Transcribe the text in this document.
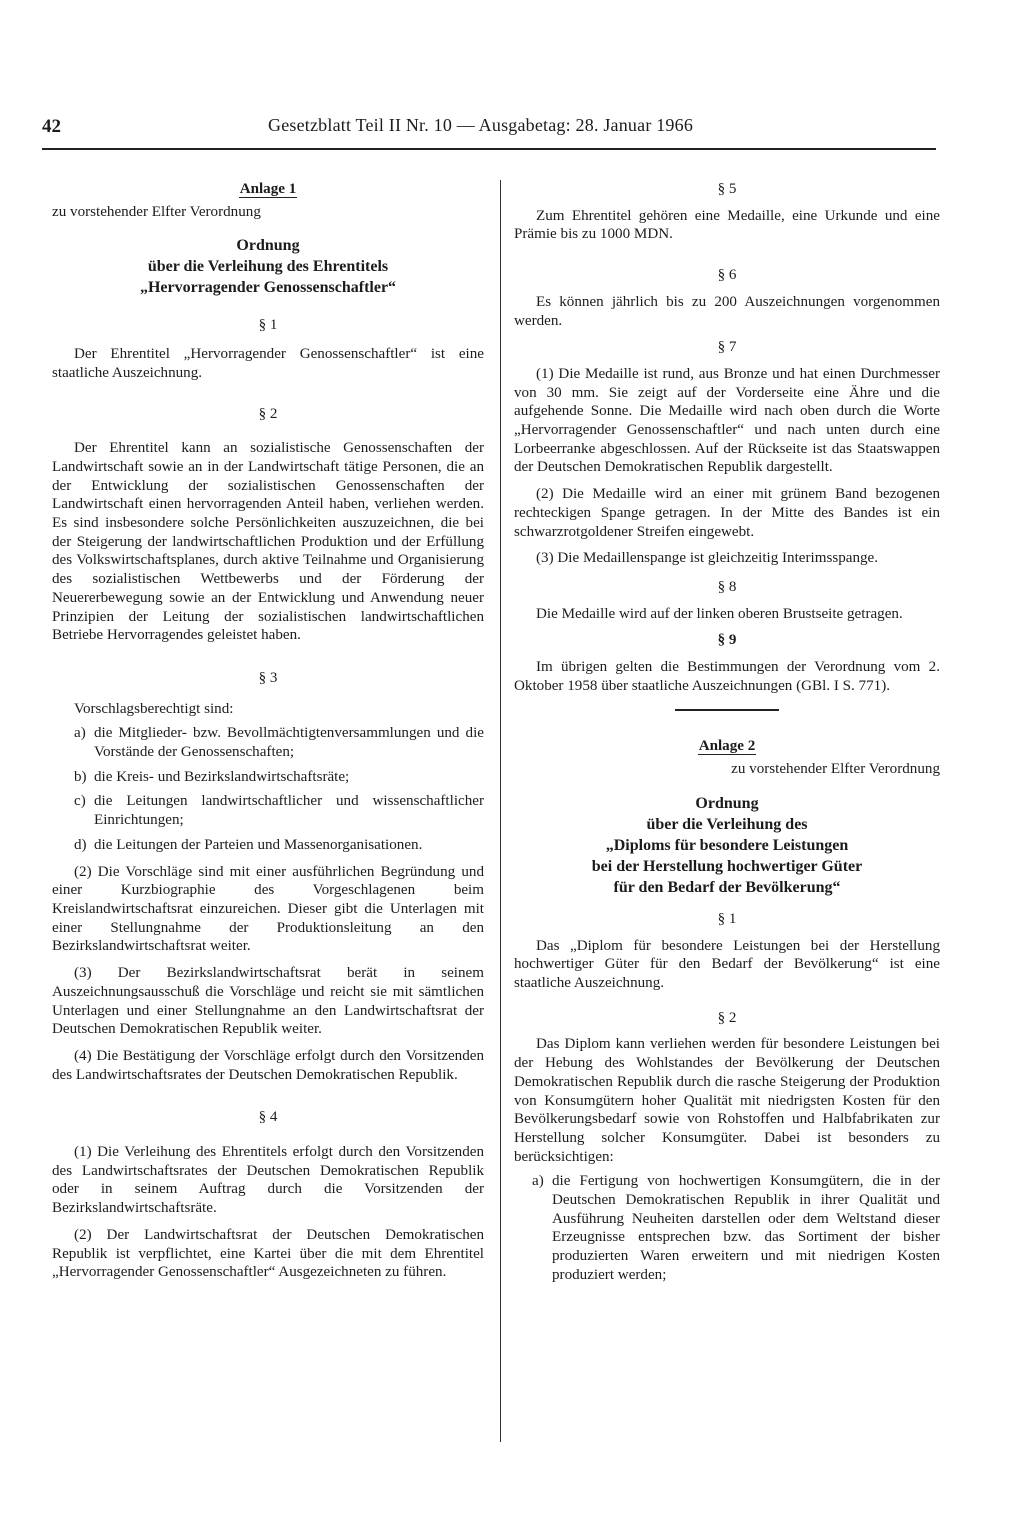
42	Gesetzblatt Teil II Nr. 10 — Ausgabetag: 28. Januar 1966

Anlage 1

zu vorstehender Elfter Verordnung

Ordnung
über die Verleihung des Ehrentitels
„Hervorragender Genossenschaftler“

§ 1

Der Ehrentitel „Hervorragender Genossenschaftler“ ist eine staatliche Auszeichnung.

§ 2

Der Ehrentitel kann an sozialistische Genossenschaften der Landwirtschaft sowie an in der Landwirtschaft tätige Personen, die an der Entwicklung der sozialistischen Genossenschaften der Landwirtschaft einen hervorragenden Anteil haben, verliehen werden. Es sind insbesondere solche Persönlichkeiten auszuzeichnen, die bei der Steigerung der landwirtschaftlichen Produktion und der Erfüllung des Volkswirtschaftsplanes, durch aktive Teilnahme und Organisierung des sozialistischen Wettbewerbs und der Förderung der Neuererbewegung sowie an der Entwicklung und Anwendung neuer Prinzipien der Leitung der sozialistischen landwirtschaftlichen Betriebe Hervorragendes geleistet haben.

§ 3

Vorschlagsberechtigt sind:

a) die Mitglieder- bzw. Bevollmächtigtenversammlungen und die Vorstände der Genossenschaften;
b) die Kreis- und Bezirkslandwirtschaftsräte;
c) die Leitungen landwirtschaftlicher und wissenschaftlicher Einrichtungen;
d) die Leitungen der Parteien und Massenorganisationen.

(2) Die Vorschläge sind mit einer ausführlichen Begründung und einer Kurzbiographie des Vorgeschlagenen beim Kreislandwirtschaftsrat einzureichen. Dieser gibt die Unterlagen mit einer Stellungnahme der Produktionsleitung an den Bezirkslandwirtschaftsrat weiter.

(3) Der Bezirkslandwirtschaftsrat berät in seinem Auszeichnungsausschuß die Vorschläge und reicht sie mit sämtlichen Unterlagen und einer Stellungnahme an den Landwirtschaftsrat der Deutschen Demokratischen Republik weiter.

(4) Die Bestätigung der Vorschläge erfolgt durch den Vorsitzenden des Landwirtschaftsrates der Deutschen Demokratischen Republik.

§ 4

(1) Die Verleihung des Ehrentitels erfolgt durch den Vorsitzenden des Landwirtschaftsrates der Deutschen Demokratischen Republik oder in seinem Auftrag durch die Vorsitzenden der Bezirkslandwirtschaftsräte.

(2) Der Landwirtschaftsrat der Deutschen Demokratischen Republik ist verpflichtet, eine Kartei über die mit dem Ehrentitel „Hervorragender Genossenschaftler“ Ausgezeichneten zu führen.

§ 5

Zum Ehrentitel gehören eine Medaille, eine Urkunde und eine Prämie bis zu 1000 MDN.

§ 6

Es können jährlich bis zu 200 Auszeichnungen vorgenommen werden.

§ 7

(1) Die Medaille ist rund, aus Bronze und hat einen Durchmesser von 30 mm. Sie zeigt auf der Vorderseite eine Ähre und die aufgehende Sonne. Die Medaille wird nach oben durch die Worte „Hervorragender Genossenschaftler“ und nach unten durch eine Lorbeerranke abgeschlossen. Auf der Rückseite ist das Staatswappen der Deutschen Demokratischen Republik dargestellt.

(2) Die Medaille wird an einer mit grünem Band bezogenen rechteckigen Spange getragen. In der Mitte des Bandes ist ein schwarzrotgoldener Streifen eingewebt.

(3) Die Medaillenspange ist gleichzeitig Interimsspange.

§ 8

Die Medaille wird auf der linken oberen Brustseite getragen.

§ 9

Im übrigen gelten die Bestimmungen der Verordnung vom 2. Oktober 1958 über staatliche Auszeichnungen (GBl. I S. 771).

Anlage 2

zu vorstehender Elfter Verordnung

Ordnung
über die Verleihung des
„Diploms für besondere Leistungen
bei der Herstellung hochwertiger Güter
für den Bedarf der Bevölkerung“

§ 1

Das „Diplom für besondere Leistungen bei der Herstellung hochwertiger Güter für den Bedarf der Bevölkerung“ ist eine staatliche Auszeichnung.

§ 2

Das Diplom kann verliehen werden für besondere Leistungen bei der Hebung des Wohlstandes der Bevölkerung der Deutschen Demokratischen Republik durch die rasche Steigerung der Produktion von Konsumgütern hoher Qualität mit niedrigsten Kosten für den Bevölkerungsbedarf sowie von Rohstoffen und Halbfabrikaten zur Herstellung solcher Konsumgüter. Dabei ist besonders zu berücksichtigen:

a) die Fertigung von hochwertigen Konsumgütern, die in der Deutschen Demokratischen Republik in ihrer Qualität und Ausführung Neuheiten darstellen oder dem Weltstand dieser Erzeugnisse entsprechen bzw. das Sortiment der bisher produzierten Waren erweitern und mit niedrigen Kosten produziert werden;
